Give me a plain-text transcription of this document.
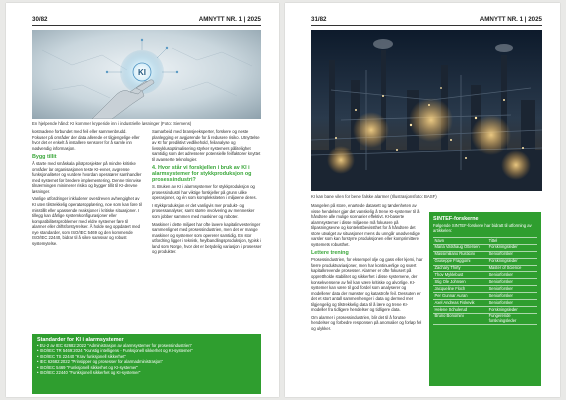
30/82	AMNYTT NR. 1 | 2025
KI
En hjelpende hånd: KI kommer kryperide inn i industrielle løsninger (Foto: Siemens)

kostnadene forbundet med feil eller sammenbrudd. Fokuser på områder der data allerede er tilgjengelige eller hvor det er enkelt å installere sensorer for å samle inn nødvendig informasjon.

Bygg tillit

Å starte med småskala pilotprosjekter på mindre kritiske områder lar organisasjonen teste KI-evner, avgrense funksjonaliteter og vurdere hvordan operatører samhandler med systemet før bredere implementering. Denne trinnvise tilnærmingen minimerer risiko og bygger tillit til KI-drevne løsninger.

Vanlige utfordringer inkluderer overdreven avhengighet av KI uten tilstrekkelig operatøropplæring, noe som kan føre til misstillit eller upassende reaksjoner i kritiske situasjoner. I tillegg kan dårlige systemkonfigurasjoner eller kompatibilitetsproblemer med eldre systemer føre til alarmer eller driftsforstyrrelser. Å holde seg oppdatert med nye standarder, som ISO/IEC 5469 og den kommende ISO/IEC 22440, bidrar til å sikre samsvar og robust systemytelse.

Samarbeid med bransjeeksperter, forskere og neste planlegging er avgjørende for å redusere risiko. Utnyttelse av KI for prediktivt vedlikehold, feilanalyse og livssyklusoptimalisering styrker systemers pålitelighet samtidig som det adresserer potensielle feilfaktorer knyttet til avanserte teknologier.

4. Hvor står vi forskjellen i bruk av KI i alarmsystemer for stykkproduksjon og prosessindustri?

S. Bruken av KI i alarmsystemer for stykkproduksjon og prosessindustri har viktige forskjeller på grunn ulike operasjoner, og én som kompleksiteten i miljøene deres.

I stykkproduksjon er det vanligvis mer produkt- og prosessanalyser, samt større involvering av mennesker som jobber sammen med maskiner og roboter.

Maskiner i dette miljøet har ofte lavere kapitalinvesteringer sammenlignet med prosessindustrien, men det er mange maskiner og systemer som opererer samtidig. En stor utfordring ligger i teknisk, heylbandlingsproduksjon, typisk i land som Norge, hvor det er betydelig variasjon i prosesser og produkter.

Standarder for KI i alarmsystemer
• EU-2 av IEC 62682:2022 "Administrasjon av alarmsystemer for prosessindustrien"
• ISO/IEC TR 5469:2024 "Kunstig intelligens - Funksjonell sikkerhet og KI-systemer"
• ISO/IEC TS 22440 "Krav funksjonell sikkerhet"
• IEC 62682:2022 "Prinsipper og prosesser for alarmadministrasjon"
• ISO/IEC 5469 "Funksjonell sikkerhet og KI-systemer"
• ISO/IEC 22440 "Funksjonell sikkerhet og KI-systemer"
31/82	AMNYTT NR. 1 | 2025
KI kan bane vilen for bene falske alarmer (Illustrasjonsfoto: BASF)

Mangelen på store, enartede datasett og tøndenheten av visse hendelser gjør det vanskelig å trene KI-systemer til å håndtere alle mulige scenarier effektivt. KI-baserte alarmsystemer i disse miljøene må fokusere på tilpasningsevne og kontekstbevissthet for å håndtere det store utvalget av situasjoner mens du unngår unødvendige varsler som kan forstyrre produksjonen eller komprimittere systemets robusthet.

Lettere trening

Prosessindustrien, for eksempel olje og gass eller kjemi, har færre produktvariasjoner, men har kontinuerlige og svært kapitalkrevende prosesser. Alarmer er ofte fokusert på opprettholde stabilitet og sikkerhet i disse systemene, der konsekvensene av feil kan være kritiske og alvorlige. KI-systemer kan være til god fordel som analyserer og modellerer data der mønster og katastrofe feil. Dessuten er det et stort antall sammenhenger i data og dermed mer tilgjengelig og tilstrekkelig data til å lære og trene KI-modeller fra tidligere hendelser og tidligere data.

Om alarmer i prosessindustrien, blir det til å forutse hendelser og forbedre responsen på anomalier og forløp fel og ulykker.

SINTEF-forskerne
Følgende SINTEF-forskere har bidratt til utforming av artikkelen:
Navn	Tittel
Maria Vatshaug Ottersen	Forskningsleder
Massimiliano Rusticini	Seniorforsker
Giuseppe Fraggomi	Forskningsleder
Zachary Thirty	Master of Science
Thov Myklebust	Seniorforsker
Stig Ole Johnsen	Seniorforsker
Jacqueline Floch	Seniorforsker
Per Gunnar Auran	Seniorforsker
Axel Andreas Fiskevik	Seniorforsker
Helene Schulerud	Forskningsleder
Bruno Bonomini	Fungerende forskningsleder
